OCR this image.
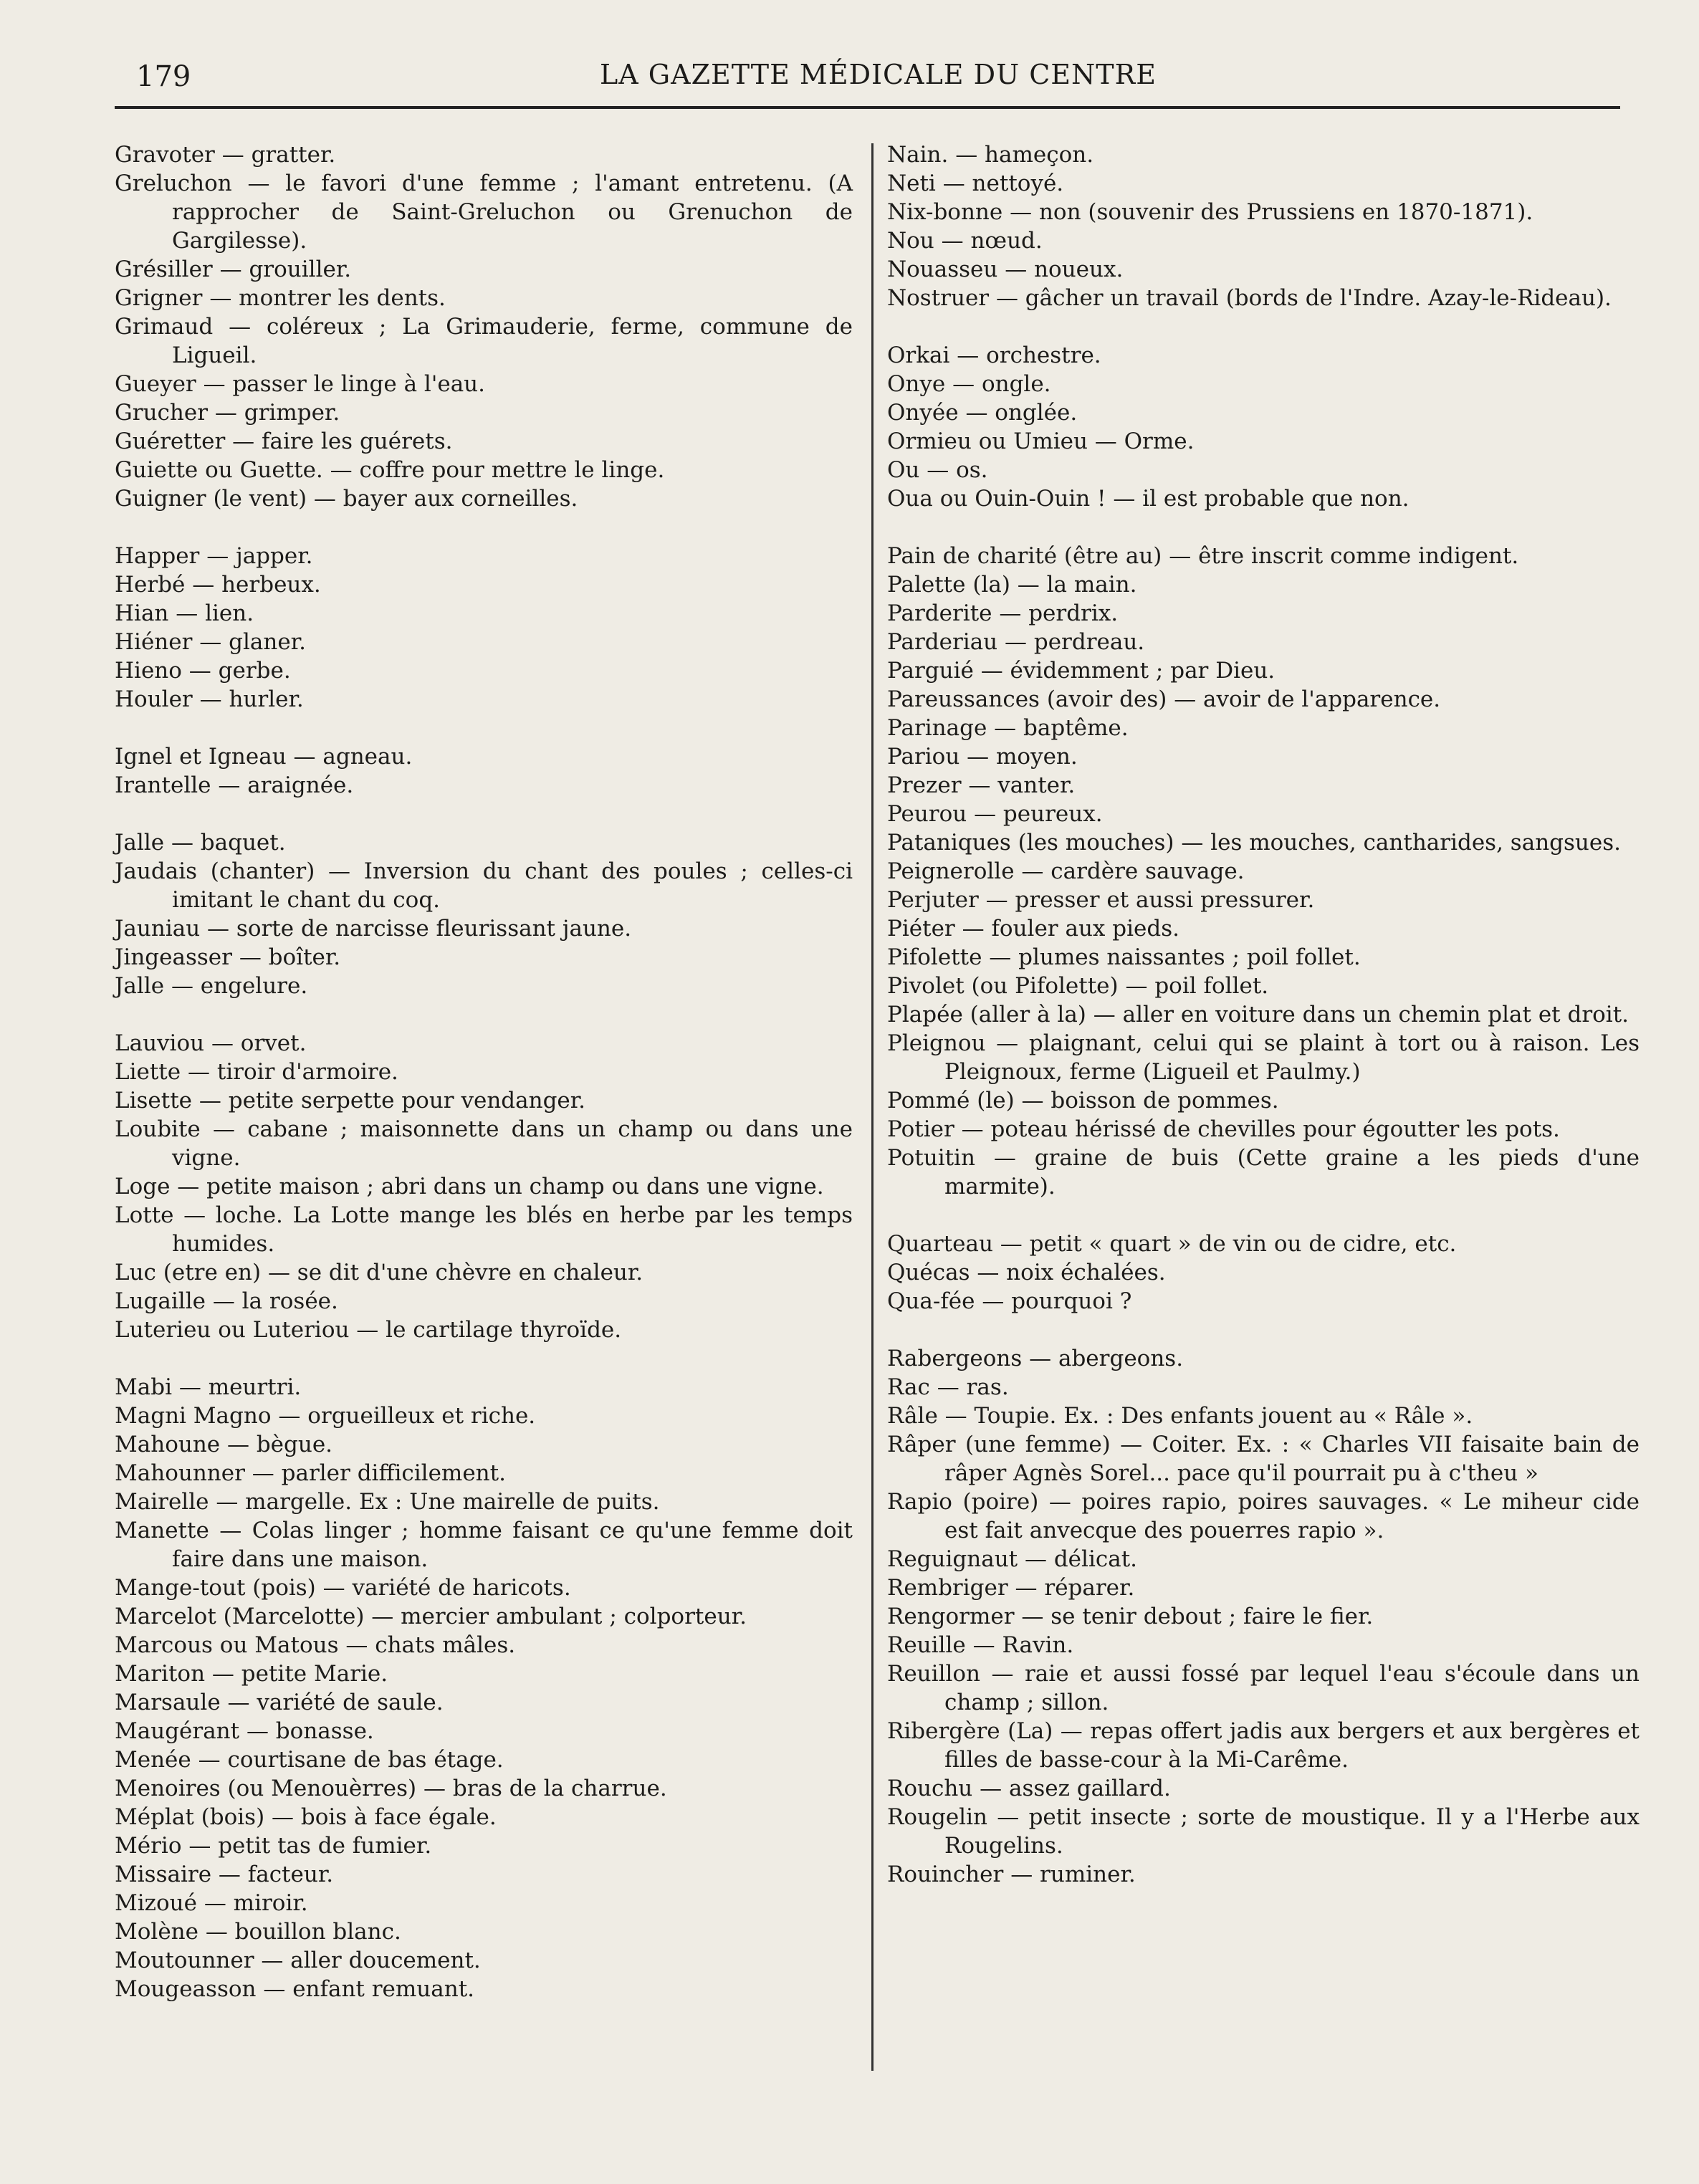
179	LA GAZETTE MÉDICALE DU CENTRE
Gravoter — gratter.
Greluchon — le favori d'une femme ; l'amant entretenu. (A rapprocher de Saint-Greluchon ou Grenuchon de Gargilesse).
Grésiller — grouiller.
Grigner — montrer les dents.
Grimaud — coléreux ; La Grimauderie, ferme, commune de Ligueil.
Gueyer — passer le linge à l'eau.
Grucher — grimper.
Guéretter — faire les guérets.
Guiette ou Guette. — coffre pour mettre le linge.
Guigner (le vent) — bayer aux corneilles.
Happer — japper.
Herbé — herbeux.
Hian — lien.
Hiéner — glaner.
Hieno — gerbe.
Houler — hurler.
Ignel et Igneau — agneau.
Irantelle — araignée.
Jalle — baquet.
Jaudais (chanter) — Inversion du chant des poules ; celles-ci imitant le chant du coq.
Jauniau — sorte de narcisse fleurissant jaune.
Jingeasser — boîter.
Jalle — engelure.
Lauviou — orvet.
Liette — tiroir d'armoire.
Lisette — petite serpette pour vendanger.
Loubite — cabane ; maisonnette dans un champ ou dans une vigne.
Loge — petite maison ; abri dans un champ ou dans une vigne.
Lotte — loche. La Lotte mange les blés en herbe par les temps humides.
Luc (etre en) — se dit d'une chèvre en chaleur.
Lugaille — la rosée.
Luterieu ou Luteriou — le cartilage thyroïde.
Mabi — meurtri.
Magni Magno — orgueilleux et riche.
Mahoune — bègue.
Mahounner — parler difficilement.
Mairelle — margelle. Ex : Une mairelle de puits.
Manette — Colas linger ; homme faisant ce qu'une femme doit faire dans une maison.
Mange-tout (pois) — variété de haricots.
Marcelot (Marcelotte) — mercier ambulant ; colporteur.
Marcous ou Matous — chats mâles.
Mariton — petite Marie.
Marsaule — variété de saule.
Maugérant — bonasse.
Menée — courtisane de bas étage.
Menoires (ou Menouèrres) — bras de la charrue.
Méplat (bois) — bois à face égale.
Mério — petit tas de fumier.
Missaire — facteur.
Mizoué — miroir.
Molène — bouillon blanc.
Moutounner — aller doucement.
Mougeasson — enfant remuant.
Nain. — hameçon.
Neti — nettoyé.
Nix-bonne — non (souvenir des Prussiens en 1870-1871).
Nou — nœud.
Nouasseu — noueux.
Nostruer — gâcher un travail (bords de l'Indre. Azay-le-Rideau).
Orkai — orchestre.
Onye — ongle.
Onyée — onglée.
Ormieu ou Umieu — Orme.
Ou — os.
Oua ou Ouin-Ouin ! — il est probable que non.
Pain de charité (être au) — être inscrit comme indigent.
Palette (la) — la main.
Parderite — perdrix.
Parderiau — perdreau.
Parguié — évidemment ; par Dieu.
Pareussances (avoir des) — avoir de l'apparence.
Parinage — baptême.
Pariou — moyen.
Prezer — vanter.
Peurou — peureux.
Pataniques (les mouches) — les mouches, cantharides, sangsues.
Peignerolle — cardère sauvage.
Perjuter — presser et aussi pressurer.
Piéter — fouler aux pieds.
Pifolette — plumes naissantes ; poil follet.
Pivolet (ou Pifolette) — poil follet.
Plapée (aller à la) — aller en voiture dans un chemin plat et droit.
Pleignou — plaignant, celui qui se plaint à tort ou à raison. Les Pleignoux, ferme (Ligueil et Paulmy.)
Pommé (le) — boisson de pommes.
Potier — poteau hérissé de chevilles pour égoutter les pots.
Potuitin — graine de buis (Cette graine a les pieds d'une marmite).
Quarteau — petit « quart » de vin ou de cidre, etc.
Quécas — noix échalées.
Qua-fée — pourquoi ?
Rabergeons — abergeons.
Rac — ras.
Râle — Toupie. Ex. : Des enfants jouent au « Râle ».
Râper (une femme) — Coiter. Ex. : « Charles VII faisaite bain de râper Agnès Sorel... pace qu'il pourrait pu à c'theu »
Rapio (poire) — poires rapio, poires sauvages. « Le miheur cide est fait anvecque des pouerres rapio ».
Reguignaut — délicat.
Rembriger — réparer.
Rengormer — se tenir debout ; faire le fier.
Reuille — Ravin.
Reuillon — raie et aussi fossé par lequel l'eau s'écoule dans un champ ; sillon.
Ribergère (La) — repas offert jadis aux bergers et aux bergères et filles de basse-cour à la Mi-Carême.
Rouchu — assez gaillard.
Rougelin — petit insecte ; sorte de moustique. Il y a l'Herbe aux Rougelins.
Rouincher — ruminer.
